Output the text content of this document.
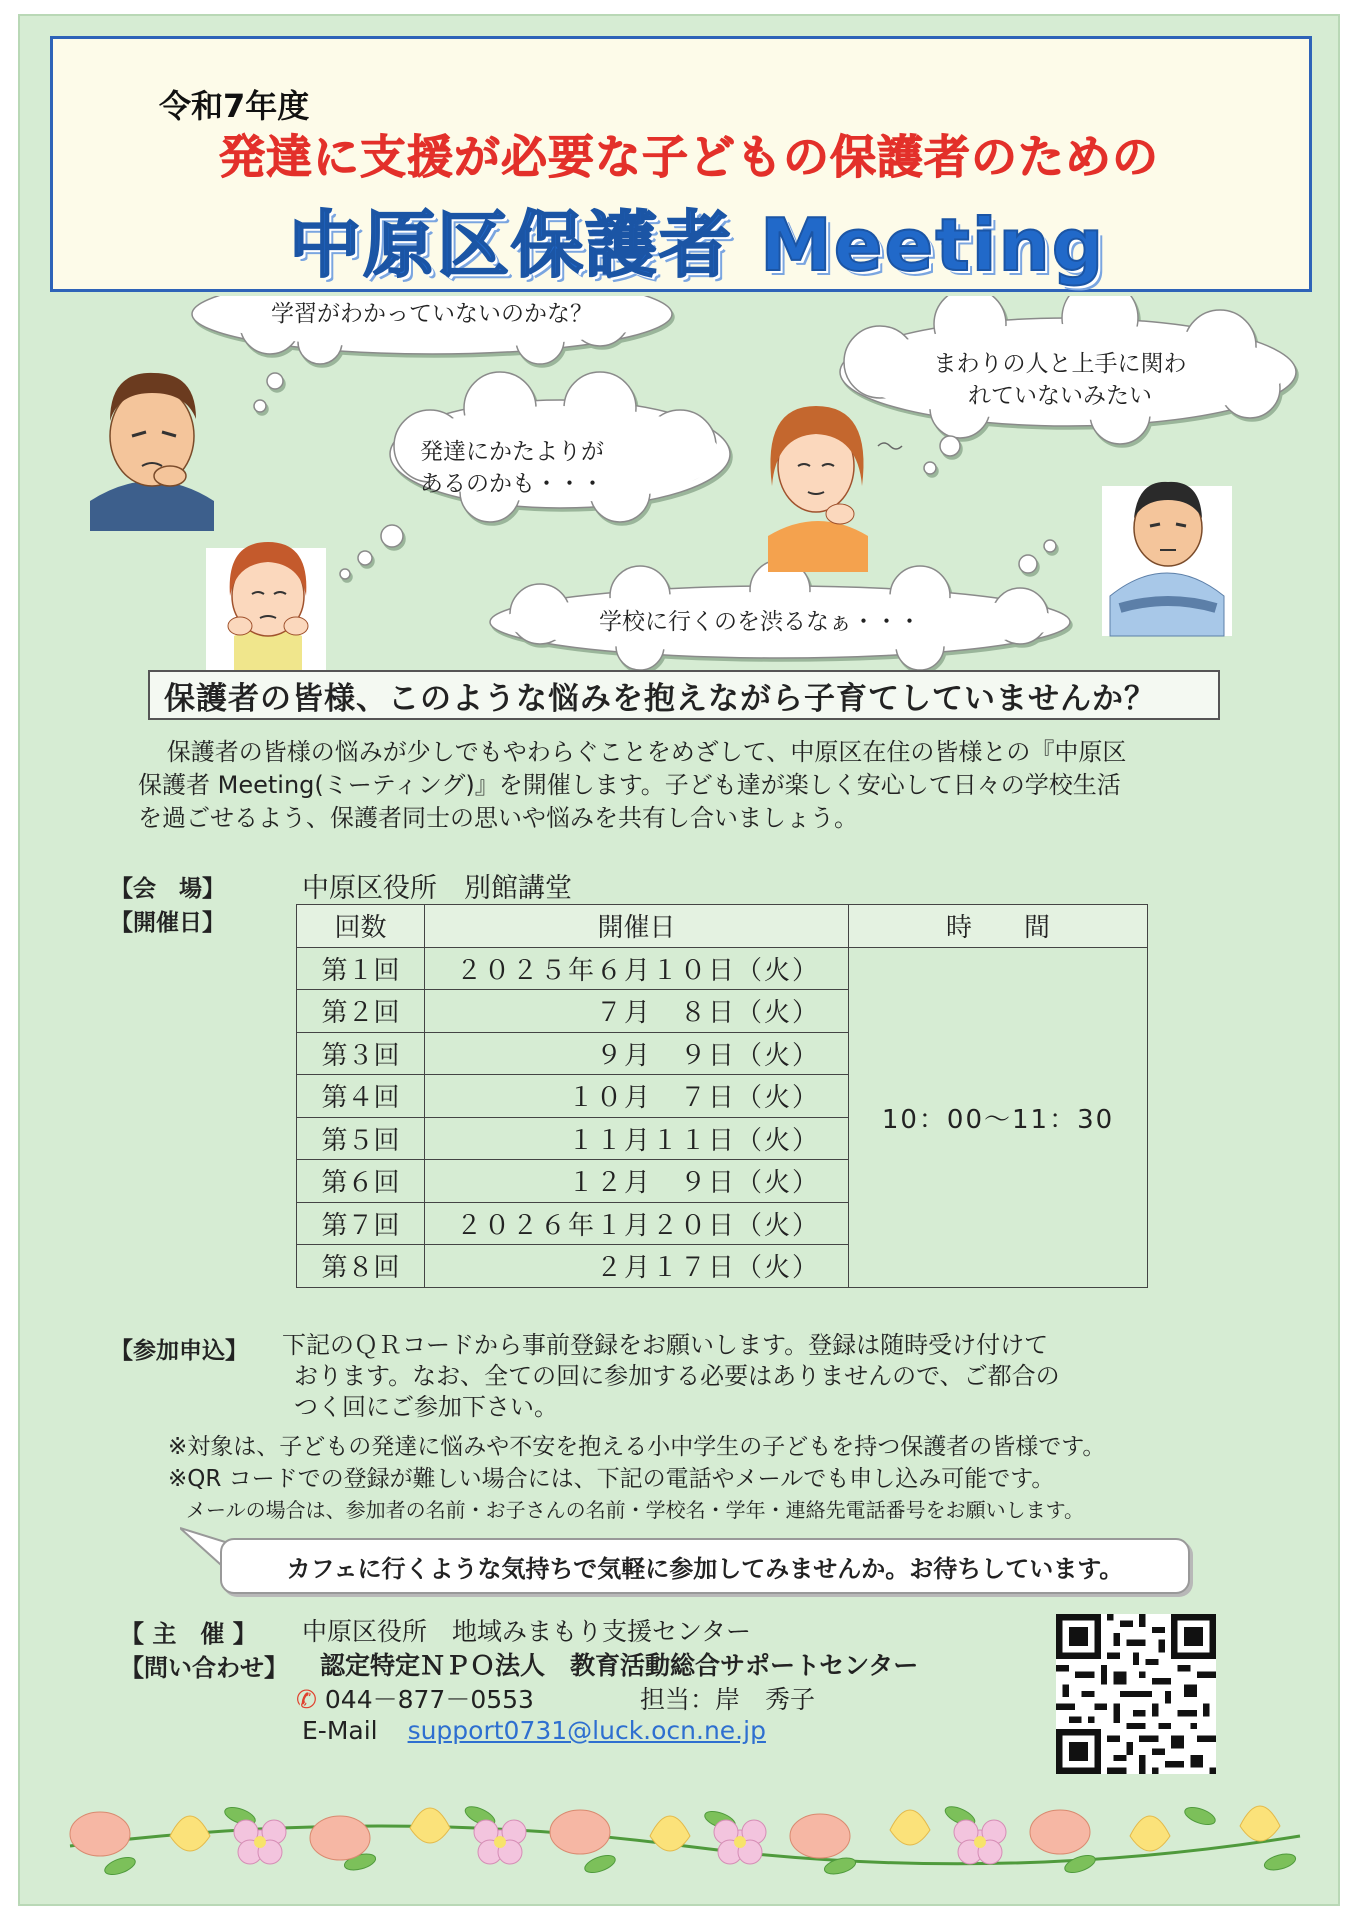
令和7年度
発達に支援が必要な子どもの保護者のための
中原区保護者 Meeting
学習がわかっていないのかな？
発達にかたよりが
あるのかも・・・
学校に行くのを渋るなぁ・・・
まわりの人と上手に関わ
れていないみたい
保護者の皆様、このような悩みを抱えながら子育てしていませんか？

保護者の皆様の悩みが少しでもやわらぐことをめざして、中原区在住の皆様との『中原区

保護者 Meeting(ミーティング)』を開催します。子ども達が楽しく安心して日々の学校生活
を過ごせるよう、保護者同士の思いや悩みを共有し合いましょう。
【会　場】	中原区役所　別館講堂
【開催日】	回数	開催日	時　　間
第１回	２０２５年６月１０日（火）	10：00～11：30
第２回	７月　８日（火）	
第３回	９月　９日（火）	
第４回	１０月　７日（火）	
第５回	１１月１１日（火）	
第６回	１２月　９日（火）	
第７回	２０２６年１月２０日（火）	
第８回	２月１７日（火）	
【参加申込】 下記のＱＲコードから事前登録をお願いします。登録は随時受け付けて
おります。なお、全ての回に参加する必要はありませんので、ご都合の
つく回にご参加下さい。
※対象は、子どもの発達に悩みや不安を抱える小中学生の子どもを持つ保護者の皆様です。
※QR コードでの登録が難しい場合には、下記の電話やメールでも申し込み可能です。
メールの場合は、参加者の名前・お子さんの名前・学校名・学年・連絡先電話番号をお願いします。
カフェに行くような気持ちで気軽に参加してみませんか。お待ちしています。
【 主　催 】 中原区役所　地域みまもり支援センター
【問い合わせ】 認定特定ＮＰＯ法人　教育活動総合サポートセンター
✆ 044－877－0553	担当：岸　秀子
E-Mail support0731@luck.ocn.ne.jp
